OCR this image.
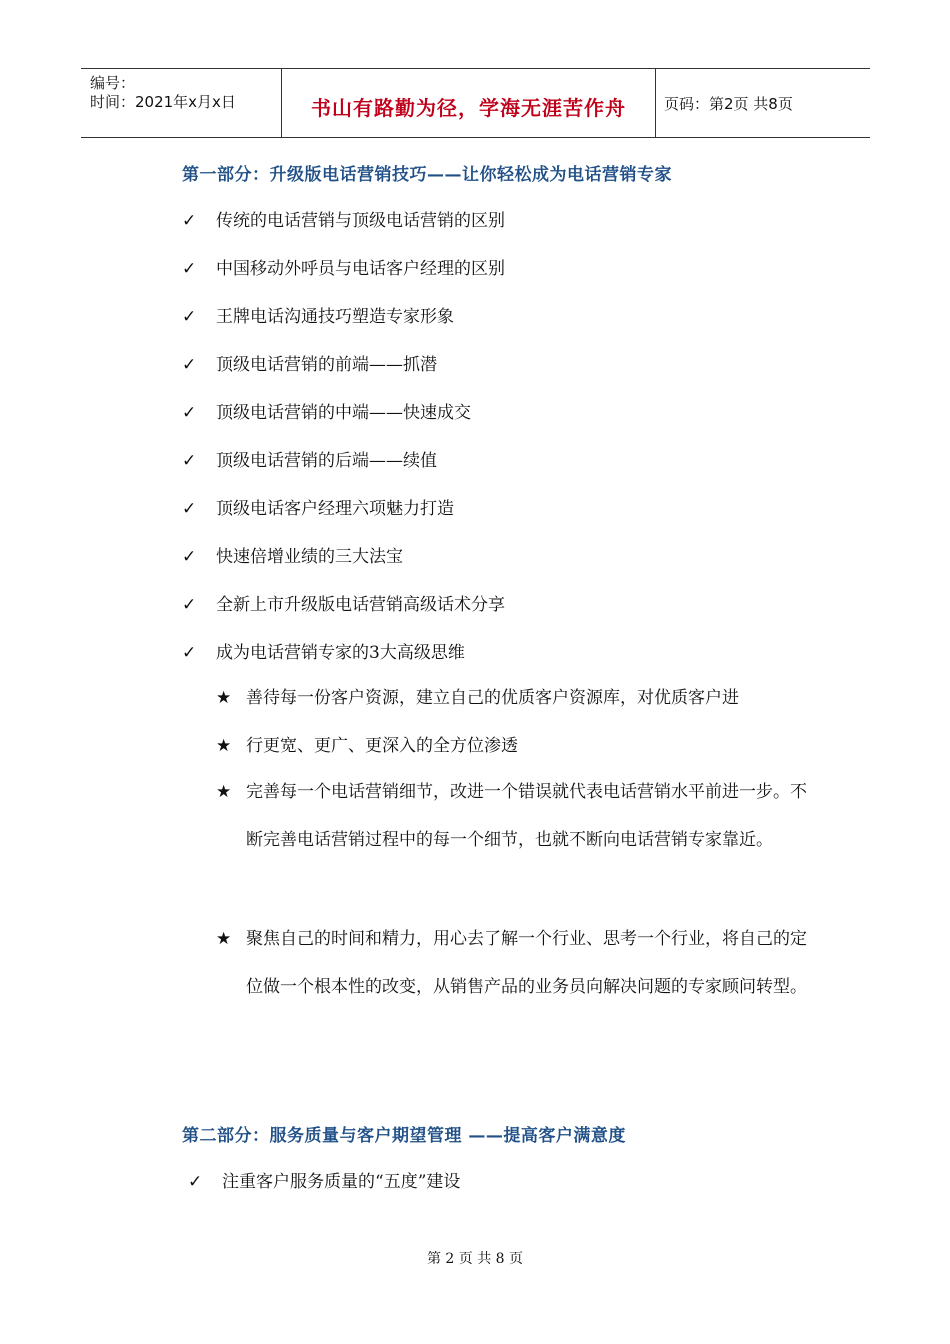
编号：
时间：2021年x月x日	书山有路勤为径，学海无涯苦作舟	页码：第2页 共8页
第一部分：升级版电话营销技巧——让你轻松成为电话营销专家
✓ 传统的电话营销与顶级电话营销的区别
✓ 中国移动外呼员与电话客户经理的区别
✓ 王牌电话沟通技巧塑造专家形象
✓ 顶级电话营销的前端——抓潜
✓ 顶级电话营销的中端——快速成交
✓ 顶级电话营销的后端——续值
✓ 顶级电话客户经理六项魅力打造
✓ 快速倍增业绩的三大法宝
✓ 全新上市升级版电话营销高级话术分享
✓ 成为电话营销专家的3大高级思维
★ 善待每一份客户资源，建立自己的优质客户资源库，对优质客户进
★ 行更宽、更广、更深入的全方位渗透
★ 完善每一个电话营销细节，改进一个错误就代表电话营销水平前进一步。不断完善电话营销过程中的每一个细节，也就不断向电话营销专家靠近。
★ 聚焦自己的时间和精力，用心去了解一个行业、思考一个行业，将自己的定位做一个根本性的改变，从销售产品的业务员向解决问题的专家顾问转型。
第二部分：服务质量与客户期望管理 ——提高客户满意度
✓ 注重客户服务质量的“五度”建设
第 2 页 共 8 页
